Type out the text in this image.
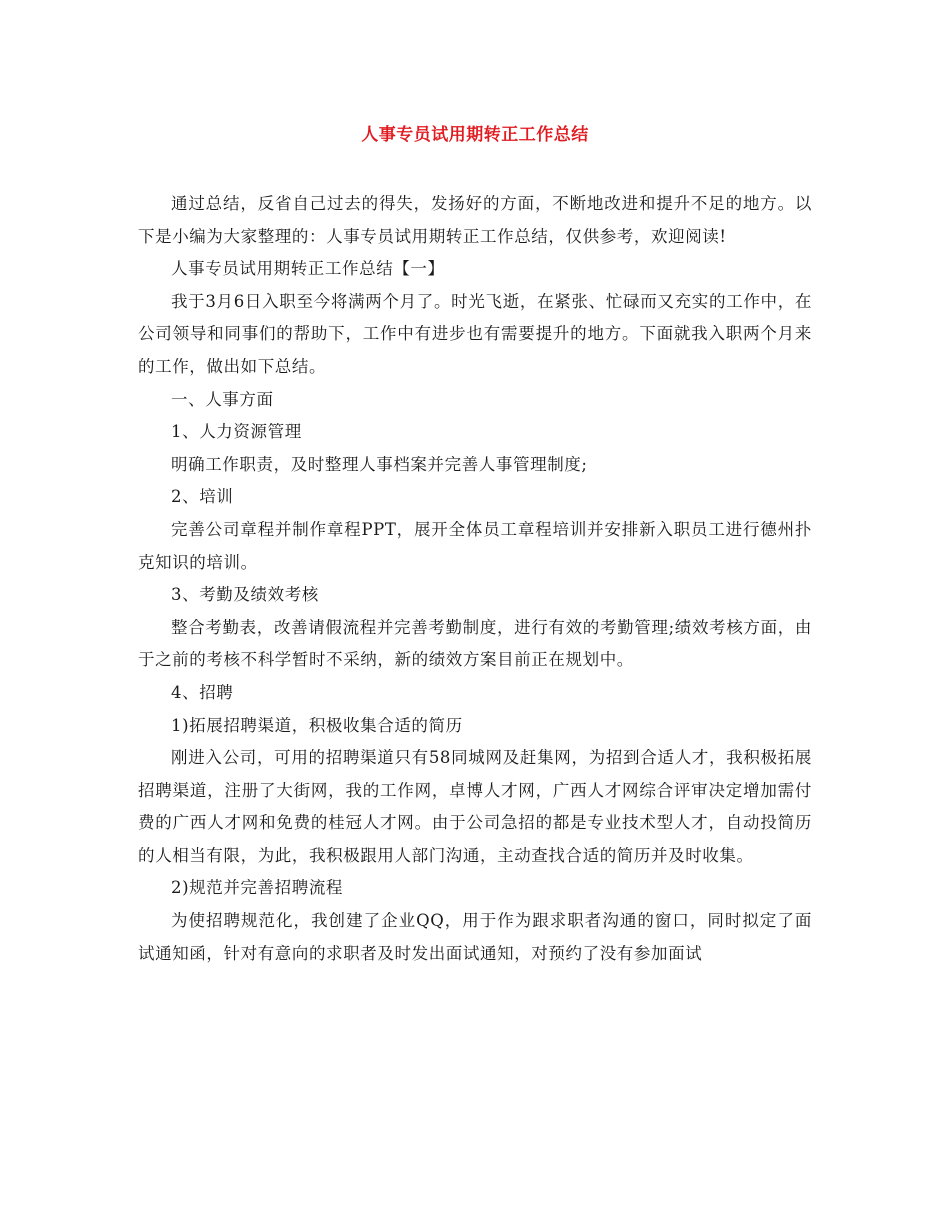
人事专员试用期转正工作总结

通过总结，反省自己过去的得失，发扬好的方面，不断地改进和提升不足的地方。以下是小编为大家整理的：人事专员试用期转正工作总结，仅供参考，欢迎阅读!

人事专员试用期转正工作总结【一】

我于3月6日入职至今将满两个月了。时光飞逝，在紧张、忙碌而又充实的工作中，在公司领导和同事们的帮助下，工作中有进步也有需要提升的地方。下面就我入职两个月来的工作，做出如下总结。

一、人事方面

1、人力资源管理

明确工作职责，及时整理人事档案并完善人事管理制度;

2、培训

完善公司章程并制作章程PPT，展开全体员工章程培训并安排新入职员工进行德州扑克知识的培训。

3、考勤及绩效考核

整合考勤表，改善请假流程并完善考勤制度，进行有效的考勤管理;绩效考核方面，由于之前的考核不科学暂时不采纳，新的绩效方案目前正在规划中。

4、招聘

1)拓展招聘渠道，积极收集合适的简历

刚进入公司，可用的招聘渠道只有58同城网及赶集网，为招到合适人才，我积极拓展招聘渠道，注册了大街网，我的工作网，卓博人才网，广西人才网综合评审决定增加需付费的广西人才网和免费的桂冠人才网。由于公司急招的都是专业技术型人才，自动投简历的人相当有限，为此，我积极跟用人部门沟通，主动查找合适的简历并及时收集。

2)规范并完善招聘流程

为使招聘规范化，我创建了企业QQ，用于作为跟求职者沟通的窗口，同时拟定了面试通知函，针对有意向的求职者及时发出面试通知，对预约了没有参加面试
